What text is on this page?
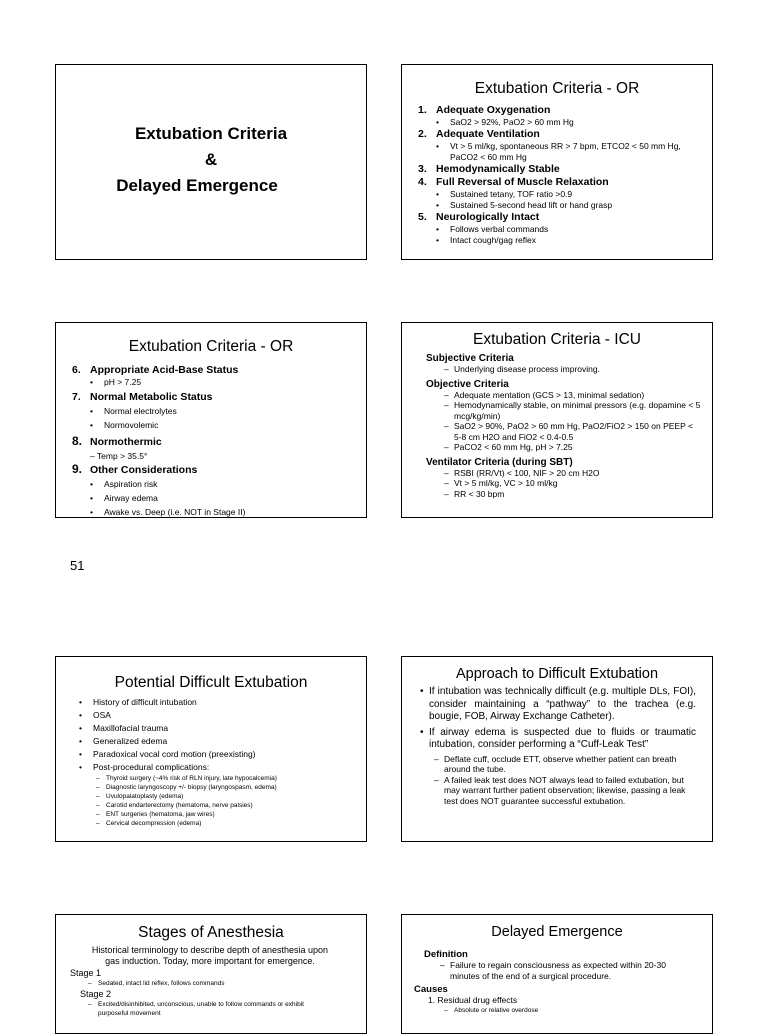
Extubation Criteria
&
Delayed Emergence

Extubation Criteria - OR

1. Adequate Oxygenation
• SaO2 > 92%, PaO2 > 60 mm Hg
2. Adequate Ventilation
• Vt > 5 ml/kg, spontaneous RR > 7 bpm, ETCO2 < 50 mm Hg, PaCO2 < 60 mm Hg
3. Hemodynamically Stable
4. Full Reversal of Muscle Relaxation
• Sustained tetany, TOF ratio >0.9
• Sustained 5-second head lift or hand grasp
5. Neurologically Intact
• Follows verbal commands
• Intact cough/gag reflex

Extubation Criteria - OR

6. Appropriate Acid-Base Status
• pH > 7.25
7. Normal Metabolic Status
• Normal electrolytes
• Normovolemic
8. Normothermic
– Temp > 35.5°
9. Other Considerations
• Aspiration risk
• Airway edema
• Awake vs. Deep (i.e. NOT in Stage II)

Extubation Criteria - ICU

Subjective Criteria

– Underlying disease process improving.

Objective Criteria

– Adequate mentation (GCS > 13, minimal sedation)
– Hemodynamically stable, on minimal pressors (e.g. dopamine < 5 mcg/kg/min)
– SaO2 > 90%, PaO2 > 60 mm Hg, PaO2/FiO2 > 150 on PEEP < 5-8 cm H2O and FiO2 < 0.4-0.5
– PaCO2 < 60 mm Hg, pH > 7.25

Ventilator Criteria (during SBT)

– RSBI (RR/Vt) < 100, NIF > 20 cm H2O
– Vt > 5 ml/kg, VC > 10 ml/kg
– RR < 30 bpm
51

Potential Difficult Extubation

• History of difficult intubation
• OSA
• Maxillofacial trauma
• Generalized edema
• Paradoxical vocal cord motion (preexisting)
• Post-procedural complications:
– Thyroid surgery (~4% risk of RLN injury, late hypocalcemia)
– Diagnostic laryngoscopy +/- biopsy (laryngospasm, edema)
– Uvulopalatoplasty (edema)
– Carotid endarterectomy (hematoma, nerve palsies)
– ENT surgeries (hematoma, jaw wires)
– Cervical decompression (edema)

Approach to Difficult Extubation

• If intubation was technically difficult (e.g. multiple DLs, FOI), consider maintaining a “pathway” to the trachea (e.g. bougie, FOB, Airway Exchange Catheter).

• If airway edema is suspected due to fluids or traumatic intubation, consider performing a “Cuff-Leak Test”

– Deflate cuff, occlude ETT, observe whether patient can breath around the tube.
– A failed leak test does NOT always lead to failed extubation, but may warrant further patient observation; likewise, passing a leak test does NOT guarantee successful extubation.

Stages of Anesthesia

Historical terminology to describe depth of anesthesia upon gas induction. Today, more important for emergence.

Stage 1
– Sedated, intact lid reflex, follows commands
Stage 2
– Excited/disinhibited, unconscious, unable to follow commands or exhibit purposeful movement

Delayed Emergence

Definition

– Failure to regain consciousness as expected within 20-30 minutes of the end of a surgical procedure.

Causes

1. Residual drug effects
– Absolute or relative overdose
